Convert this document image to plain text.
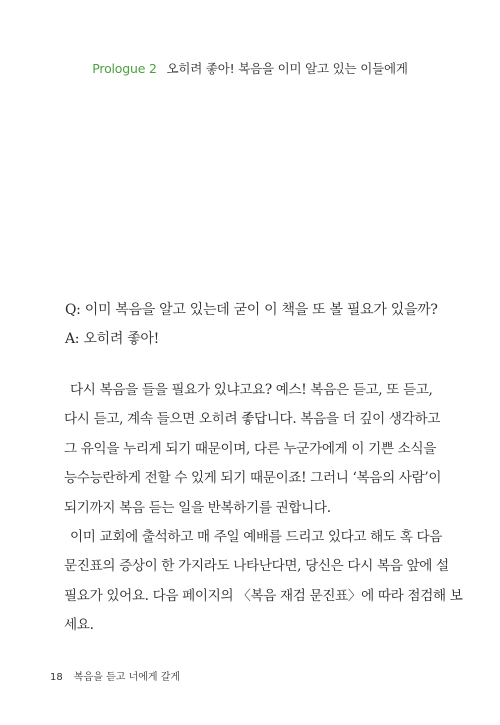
Prologue 2 오히려 좋아! 복음을 이미 알고 있는 이들에게

Q: 이미 복음을 알고 있는데 굳이 이 책을 또 볼 필요가 있을까?

A: 오히려 좋아!

다시 복음을 들을 필요가 있냐고요? 예스! 복음은 듣고, 또 듣고,
다시 듣고, 계속 들으면 오히려 좋답니다. 복음을 더 깊이 생각하고
그 유익을 누리게 되기 때문이며, 다른 누군가에게 이 기쁜 소식을
능수능란하게 전할 수 있게 되기 때문이죠! 그러니 ‘복음의 사람’이
되기까지 복음 듣는 일을 반복하기를 권합니다.

이미 교회에 출석하고 매 주일 예배를 드리고 있다고 해도 혹 다음
문진표의 증상이 한 가지라도 나타난다면, 당신은 다시 복음 앞에 설
필요가 있어요. 다음 페이지의 〈복음 재검 문진표〉에 따라 점검해 보
세요.

18 복음을 듣고 너에게 갈게
